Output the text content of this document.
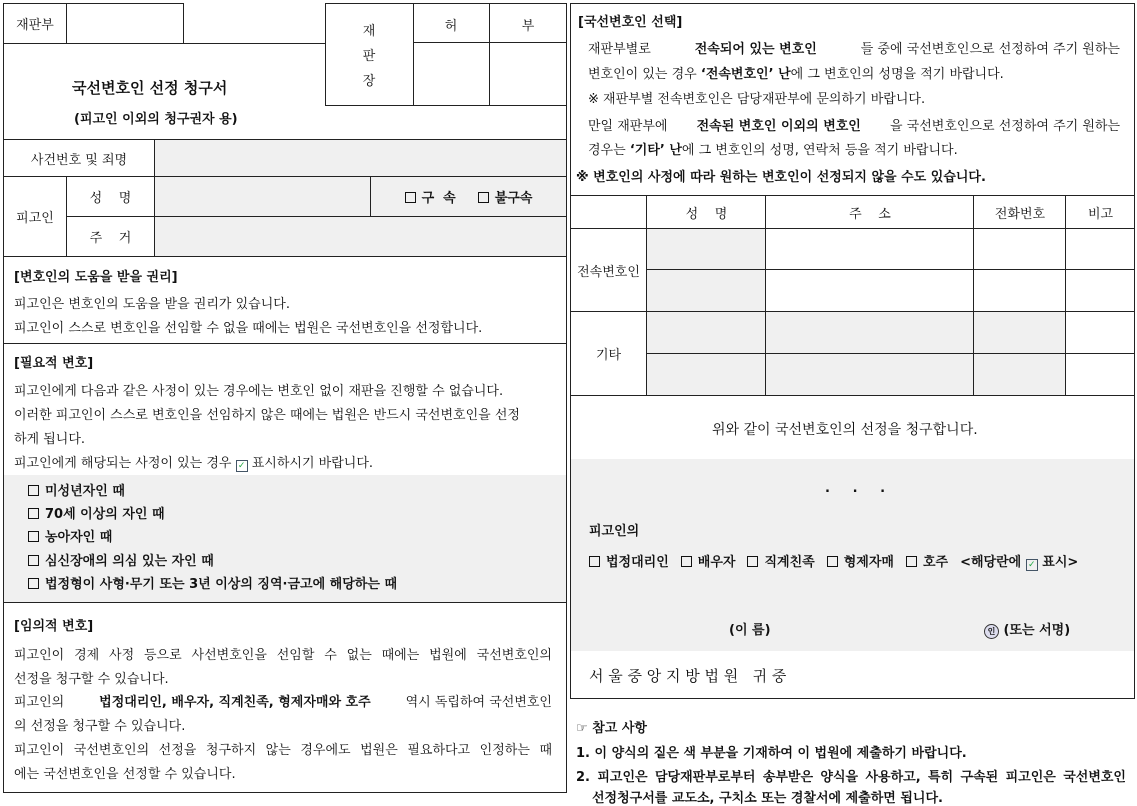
재판부
국선변호인 선정 청구서
(피고인 이외의 청구권자 용)
재
판
장
허	부
사건번호 및 죄명
피고인
성    명	구  속	불구속
주    거
[변호인의 도움을 받을 권리]
피고인은 변호인의 도움을 받을 권리가 있습니다.
피고인이 스스로 변호인을 선임할 수 없을 때에는 법원은 국선변호인을 선정합니다.
[필요적 변호]
피고인에게 다음과 같은 사정이 있는 경우에는 변호인 없이 재판을 진행할 수 없습니다.
이러한 피고인이 스스로 변호인을 선임하지 않은 때에는 법원은 반드시 국선변호인을 선정
하게 됩니다.
피고인에게 해당되는 사정이 있는 경우 ✓ 표시하시기 바랍니다.
미성년자인 때
70세 이상의 자인 때
농아자인 때
심신장애의 의심 있는 자인 때
법정형이 사형·무기 또는 3년 이상의 징역·금고에 해당하는 때
[임의적 변호]
피고인이 경제 사정 등으로 사선변호인을 선임할 수 없는 때에는 법원에 국선변호인의
선정을 청구할 수 있습니다.
피고인의	법정대리인, 배우자, 직계친족, 형제자매와 호주	역시 독립하여 국선변호인
의 선정을 청구할 수 있습니다.
피고인이 국선변호인의 선정을 청구하지 않는 경우에도 법원은 필요하다고 인정하는 때
에는 국선변호인을 선정할 수 있습니다.
[국선변호인 선택]
재판부별로	전속되어 있는 변호인	들 중에 국선변호인으로 선정하여 주기 원하는
변호인이 있는 경우 ‘전속변호인’ 난에 그 변호인의 성명을 적기 바랍니다.
※ 재판부별 전속변호인은 담당재판부에 문의하기 바랍니다.
만일 재판부에 전속된 변호인 이외의 변호인 을 국선변호인으로 선정하여 주기 원하는
경우는 ‘기타’ 난에 그 변호인의 성명, 연락처 등을 적기 바랍니다.
※ 변호인의 사정에 따라 원하는 변호인이 선정되지 않을 수도 있습니다.
성    명	주    소	전화번호	비고
전속변호인
기타
위와 같이 국선변호인의 선정을 청구합니다.
.     .     .
피고인의
법정대리인 배우자 직계친족 형제자매 호주 <해당란에 ✓ 표시>
(이 름)	인 (또는 서명)
서 울 중 앙 지 방 법 원   귀 중
☞ 참고 사항
1. 이 양식의 짙은 색 부분을 기재하여 이 법원에 제출하기 바랍니다.
2. 피고인은 담당재판부로부터 송부받은 양식을 사용하고, 특히 구속된 피고인은 국선변호인
선정청구서를 교도소, 구치소 또는 경찰서에 제출하면 됩니다.
